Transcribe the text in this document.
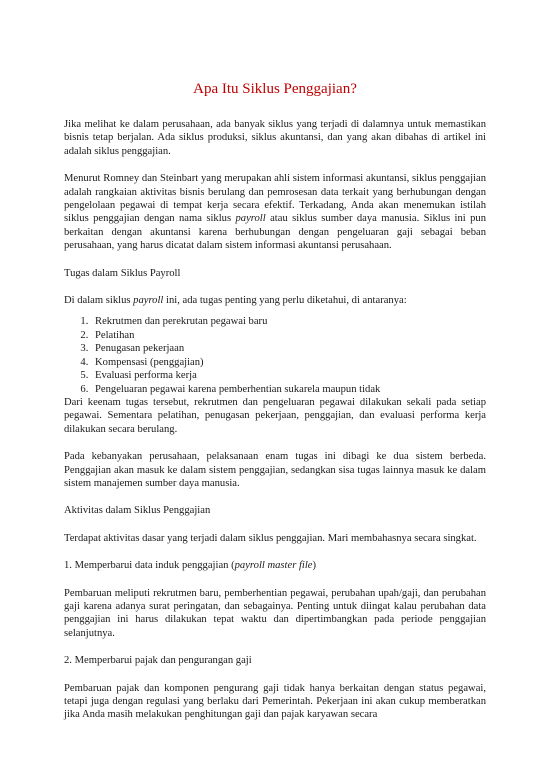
Apa Itu Siklus Penggajian?

Jika melihat ke dalam perusahaan, ada banyak siklus yang terjadi di dalamnya untuk memastikan bisnis tetap berjalan. Ada siklus produksi, siklus akuntansi, dan yang akan dibahas di artikel ini adalah siklus penggajian.

Menurut Romney dan Steinbart yang merupakan ahli sistem informasi akuntansi, siklus penggajian adalah rangkaian aktivitas bisnis berulang dan pemrosesan data terkait yang berhubungan dengan pengelolaan pegawai di tempat kerja secara efektif. Terkadang, Anda akan menemukan istilah siklus penggajian dengan nama siklus payroll atau siklus sumber daya manusia. Siklus ini pun berkaitan dengan akuntansi karena berhubungan dengan pengeluaran gaji sebagai beban perusahaan, yang harus dicatat dalam sistem informasi akuntansi perusahaan.

Tugas dalam Siklus Payroll

Di dalam siklus payroll ini, ada tugas penting yang perlu diketahui, di antaranya:

1. Rekrutmen dan perekrutan pegawai baru
2. Pelatihan
3. Penugasan pekerjaan
4. Kompensasi (penggajian)
5. Evaluasi performa kerja
6. Pengeluaran pegawai karena pemberhentian sukarela maupun tidak

Dari keenam tugas tersebut, rekrutmen dan pengeluaran pegawai dilakukan sekali pada setiap pegawai. Sementara pelatihan, penugasan pekerjaan, penggajian, dan evaluasi performa kerja dilakukan secara berulang.

Pada kebanyakan perusahaan, pelaksanaan enam tugas ini dibagi ke dua sistem berbeda. Penggajian akan masuk ke dalam sistem penggajian, sedangkan sisa tugas lainnya masuk ke dalam sistem manajemen sumber daya manusia.

Aktivitas dalam Siklus Penggajian

Terdapat aktivitas dasar yang terjadi dalam siklus penggajian. Mari membahasnya secara singkat.

1. Memperbarui data induk penggajian (payroll master file)

Pembaruan meliputi rekrutmen baru, pemberhentian pegawai, perubahan upah/gaji, dan perubahan gaji karena adanya surat peringatan, dan sebagainya. Penting untuk diingat kalau perubahan data penggajian ini harus dilakukan tepat waktu dan dipertimbangkan pada periode penggajian selanjutnya.

2. Memperbarui pajak dan pengurangan gaji

Pembaruan pajak dan komponen pengurang gaji tidak hanya berkaitan dengan status pegawai, tetapi juga dengan regulasi yang berlaku dari Pemerintah. Pekerjaan ini akan cukup memberatkan jika Anda masih melakukan penghitungan gaji dan pajak karyawan secara
